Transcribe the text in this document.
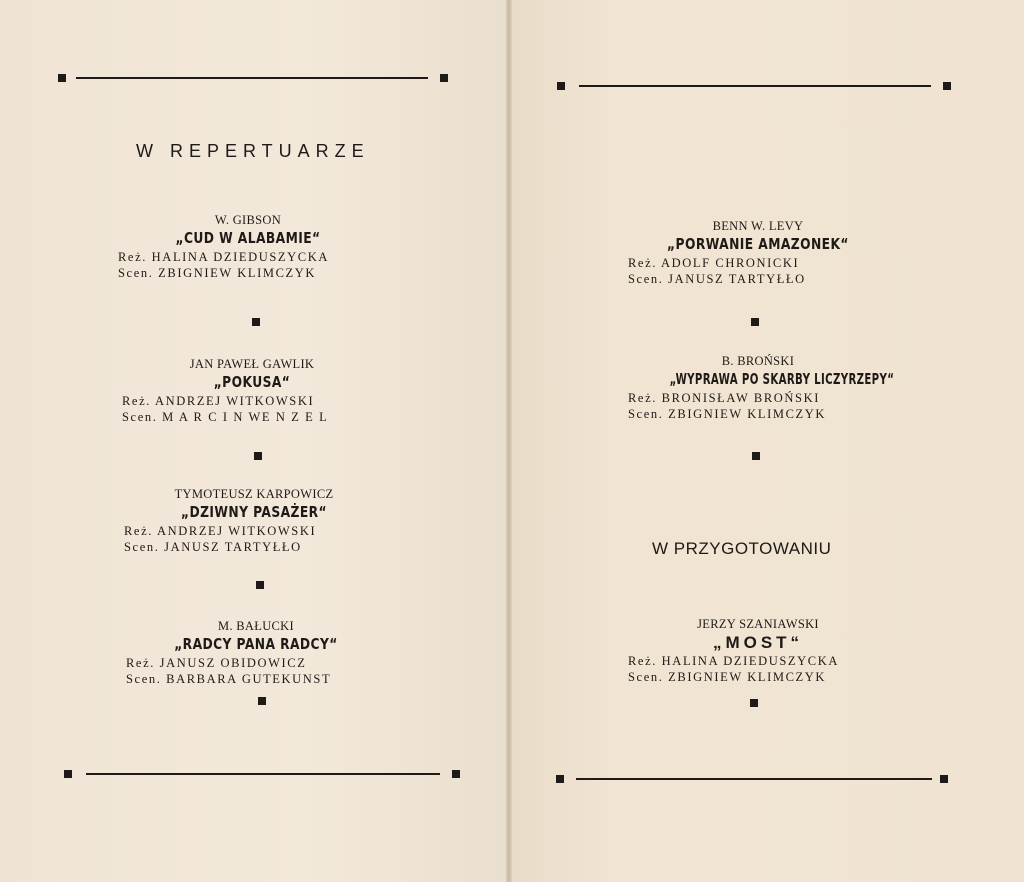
W REPERTUARZE
W. GIBSON
„CUD W ALABAMIE“
Reż. HALINA DZIEDUSZYCKA
Scen. ZBIGNIEW KLIMCZYK
JAN PAWEŁ GAWLIK
„POKUSA“
Reż. ANDRZEJ WITKOWSKI
Scen. M A R C I N WE N Z E L
TYMOTEUSZ KARPOWICZ
„DZIWNY PASAŻER“
Reż. ANDRZEJ WITKOWSKI
Scen. JANUSZ TARTYŁŁO
M. BAŁUCKI
„RADCY PANA RADCY“
Reż. JANUSZ OBIDOWICZ
Scen. BARBARA GUTEKUNST
BENN W. LEVY
„PORWANIE AMAZONEK“
Reż. ADOLF CHRONICKI
Scen. JANUSZ TARTYŁŁO
B. BROŃSKI
„WYPRAWA PO SKARBY LICZYRZEPY“
Reż. BRONISŁAW BROŃSKI
Scen. ZBIGNIEW KLIMCZYK
W PRZYGOTOWANIU
JERZY SZANIAWSKI
„MOST“
Reż. HALINA DZIEDUSZYCKA
Scen. ZBIGNIEW KLIMCZYK
